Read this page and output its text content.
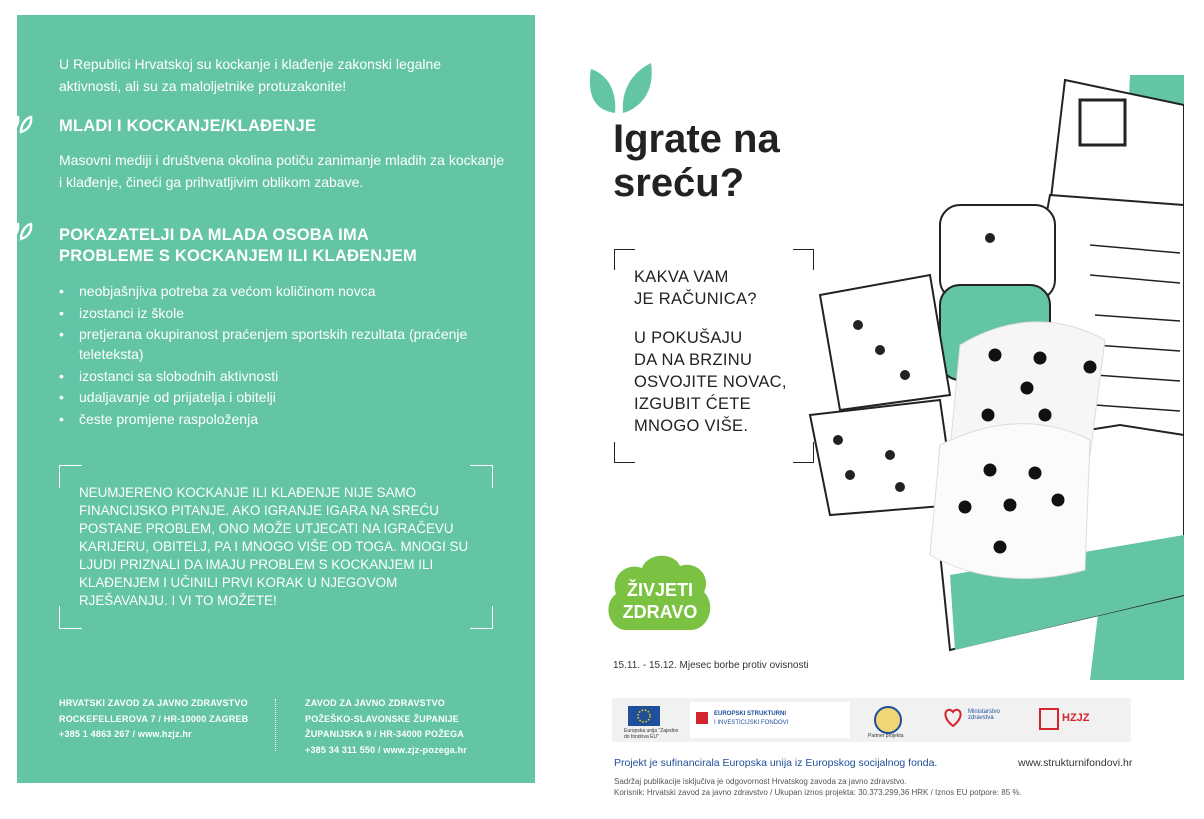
U Republici Hrvatskoj su kockanje i klađenje zakonski legalne aktivnosti, ali su za maloljetnike protuzakonite!
MLADI I KOCKANJE/KLAĐENJE
Masovni mediji i društvena okolina potiču zanimanje mladih za kockanje i klađenje, čineći ga prihvatljivim oblikom zabave.
POKAZATELJI DA MLADA OSOBA IMA
PROBLEME S KOCKANJEM ILI KLAĐENJEM
• neobjašnjiva potreba za većom količinom novca
• izostanci iz škole
• pretjerana okupiranost praćenjem sportskih rezultata (praćenje teleteksta)
• izostanci sa slobodnih aktivnosti
• udaljavanje od prijatelja i obitelji
• česte promjene raspoloženja
NEUMJERENO KOCKANJE ILI KLAĐENJE NIJE SAMO FINANCIJSKO PITANJE. AKO IGRANJE IGARA NA SREĆU POSTANE PROBLEM, ONO MOŽE UTJECATI NA IGRAČEVU KARIJERU, OBITELJ, PA I MNOGO VIŠE OD TOGA. MNOGI SU LJUDI PRIZNALI DA IMAJU PROBLEM S KOCKANJEM ILI KLAĐENJEM I UČINILI PRVI KORAK U NJEGOVOM RJEŠAVANJU. I VI TO MOŽETE!
HRVATSKI ZAVOD ZA JAVNO ZDRAVSTVO
ROCKEFELLEROVA 7 / HR-10000 ZAGREB
+385 1 4863 267 / www.hzjz.hr
ZAVOD ZA JAVNO ZDRAVSTVO
POŽEŠKO-SLAVONSKE ŽUPANIJE
ŽUPANIJSKA 9 / HR-34000 POŽEGA
+385 34 311 550 / www.zjz-pozega.hr
Igrate na
sreću?
KAKVA VAM
JE RAČUNICA?
U POKUŠAJU
DA NA BRZINU
OSVOJITE NOVAC,
IZGUBIT ĆETE
MNOGO VIŠE.
ŽIVJETI
ZDRAVO
15.11. - 15.12. Mjesec borbe protiv ovisnosti
Europska unija "Zajedno do fondova EU"
EUROPSKI STRUKTURNI
I INVESTICIJSKI FONDOVI
Partner projekta
Ministarstvo
zdravstva	HZJZ
Projekt je sufinancirala Europska unija iz Europskog socijalnog fonda.	www.strukturnifondovi.hr
Sadržaj publikacije isključiva je odgovornost Hrvatskog zavoda za javno zdravstvo.
Korisnik: Hrvatski zavod za javno zdravstvo / Ukupan iznos projekta: 30.373.299,36 HRK / Iznos EU potpore: 85 %.
